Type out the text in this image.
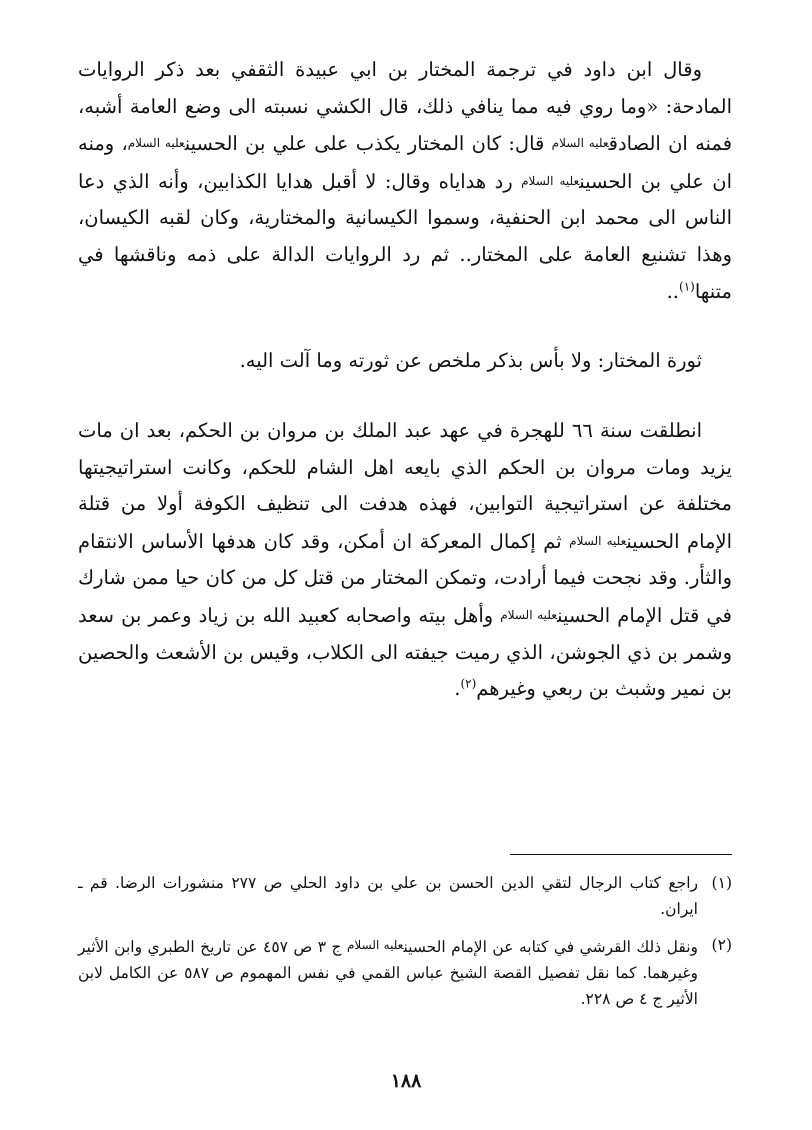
وقال ابن داود في ترجمة المختار بن ابي عبيدة الثقفي بعد ذكر الروايات المادحة: «وما روي فيه مما ينافي ذلك، قال الكشي نسبته الى وضع العامة أشبه، فمنه ان الصادقعليه السلام قال: كان المختار يكذب على علي بن الحسينعليه السلام، ومنه ان علي بن الحسينعليه السلام رد هداياه وقال: لا أقبل هدايا الكذابين، وأنه الذي دعا الناس الى محمد ابن الحنفية، وسموا الكيسانية والمختارية، وكان لقبه الكيسان، وهذا تشنيع العامة على المختار.. ثم رد الروايات الدالة على ذمه وناقشها في متنها$^{(١)}$..

ثورة المختار: ولا بأس بذكر ملخص عن ثورته وما آلت اليه.

انطلقت سنة ٦٦ للهجرة في عهد عبد الملك بن مروان بن الحكم، بعد ان مات يزيد ومات مروان بن الحكم الذي بايعه اهل الشام للحكم، وكانت استراتيجيتها مختلفة عن استراتيجية التوابين، فهذه هدفت الى تنظيف الكوفة أولا من قتلة الإمام الحسينعليه السلام ثم إكمال المعركة ان أمكن، وقد كان هدفها الأساس الانتقام والثأر. وقد نجحت فيما أرادت، وتمكن المختار من قتل كل من كان حيا ممن شارك في قتل الإمام الحسينعليه السلام وأهل بيته واصحابه كعبيد الله بن زياد وعمر بن سعد وشمر بن ذي الجوشن، الذي رميت جيفته الى الكلاب، وقيس بن الأشعث والحصين بن نمير وشبث بن ربعي وغيرهم$^{(٢)}$.

(١)
راجع كتاب الرجال لتقي الدين الحسن بن علي بن داود الحلي ص ٢٧٧ منشورات الرضا. قم ـ ايران.
(٢)
ونقل ذلك القرشي في كتابه عن الإمام الحسينعليه السلام ج ٣ ص ٤٥٧ عن تاريخ الطبري وابن الأثير وغيرهما. كما نقل تفصيل القصة الشيخ عباس القمي في نفس المهموم ص ٥٨٧ عن الكامل لابن الأثير ج ٤ ص ٢٢٨.
١٨٨
